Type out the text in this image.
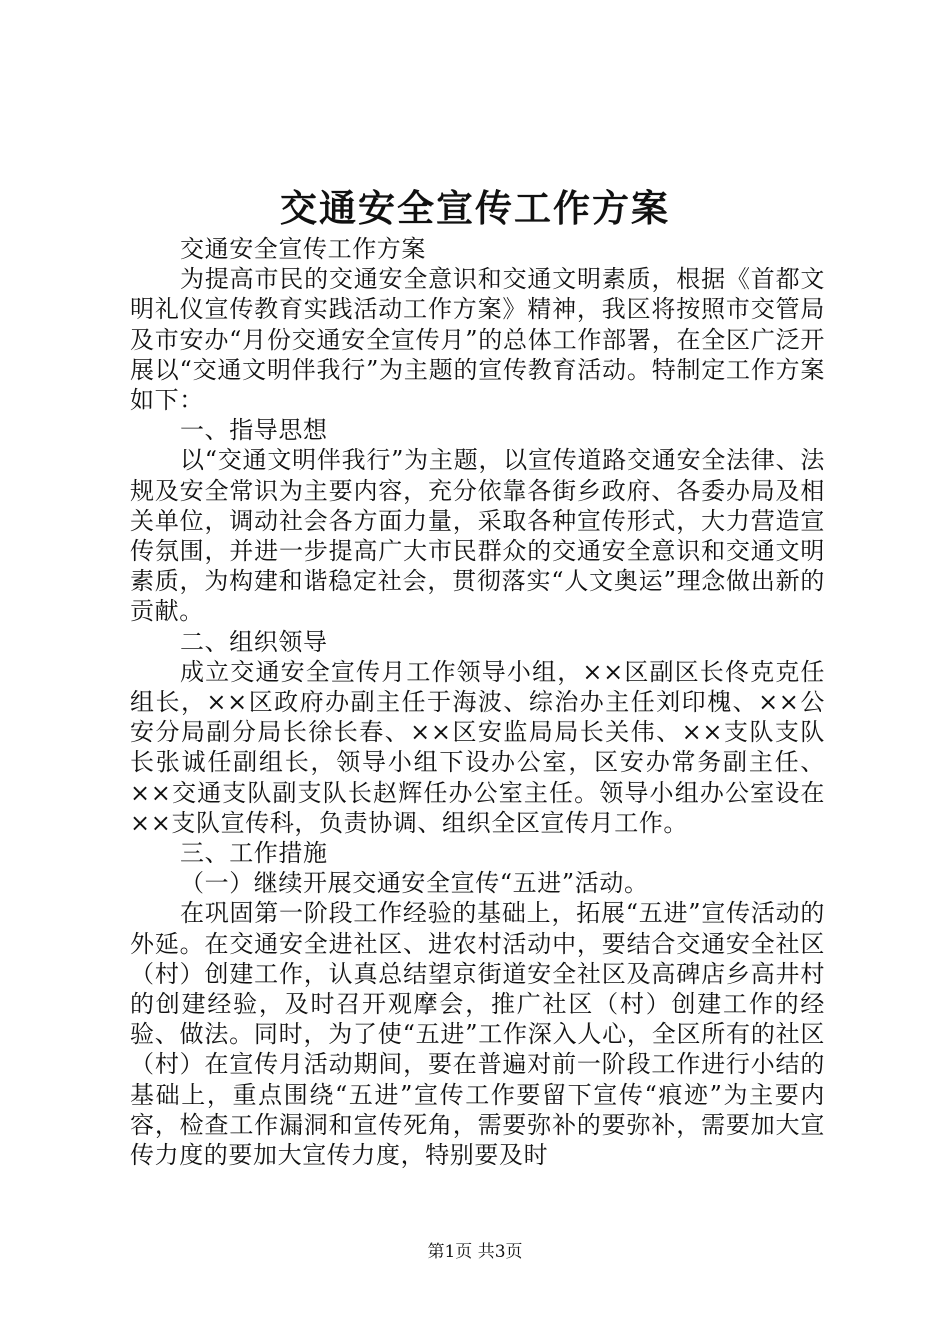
交通安全宣传工作方案

交通安全宣传工作方案

为提高市民的交通安全意识和交通文明素质，根据《首都文明礼仪宣传教育实践活动工作方案》精神，我区将按照市交管局及市安办“月份交通安全宣传月”的总体工作部署，在全区广泛开展以“交通文明伴我行”为主题的宣传教育活动。特制定工作方案如下：

一、指导思想

以“交通文明伴我行”为主题，以宣传道路交通安全法律、法规及安全常识为主要内容，充分依靠各街乡政府、各委办局及相关单位，调动社会各方面力量，采取各种宣传形式，大力营造宣传氛围，并进一步提高广大市民群众的交通安全意识和交通文明素质，为构建和谐稳定社会，贯彻落实“人文奥运”理念做出新的贡献。

二、组织领导

成立交通安全宣传月工作领导小组，××区副区长佟克克任组长，××区政府办副主任于海波、综治办主任刘印槐、××公安分局副分局长徐长春、××区安监局局长关伟、××支队支队长张诚任副组长，领导小组下设办公室，区安办常务副主任、××交通支队副支队长赵辉任办公室主任。领导小组办公室设在××支队宣传科，负责协调、组织全区宣传月工作。

三、工作措施

（一）继续开展交通安全宣传“五进”活动。

在巩固第一阶段工作经验的基础上，拓展“五进”宣传活动的外延。在交通安全进社区、进农村活动中，要结合交通安全社区（村）创建工作，认真总结望京街道安全社区及高碑店乡高井村的创建经验，及时召开观摩会，推广社区（村）创建工作的经验、做法。同时，为了使“五进”工作深入人心，全区所有的社区（村）在宣传月活动期间，要在普遍对前一阶段工作进行小结的基础上，重点围绕“五进”宣传工作要留下宣传“痕迹”为主要内容，检查工作漏洞和宣传死角，需要弥补的要弥补，需要加大宣传力度的要加大宣传力度，特别要及时

第1页 共3页
